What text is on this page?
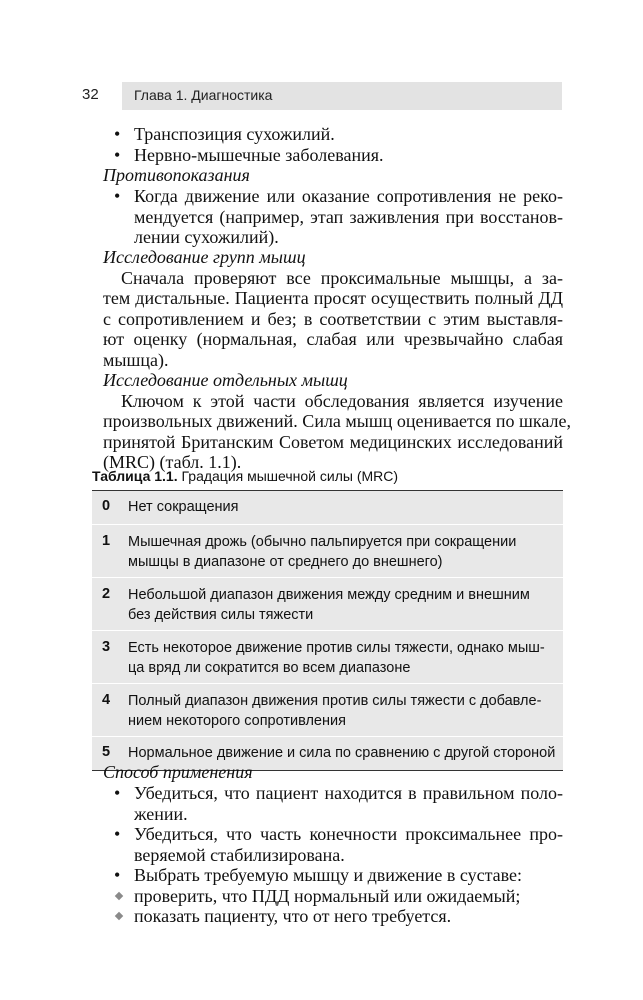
32	Глава 1. Диагностика
• Транспозиция сухожилий.
• Нервно-мышечные заболевания.
Противопоказания
• Когда движение или оказание сопротивления не реко-
мендуется (например, этап заживления при восстанов-
лении сухожилий).
Исследование групп мышц
Сначала проверяют все проксимальные мышцы, а за-
тем дистальные. Пациента просят осуществить полный ДД
с сопротивлением и без; в соответствии с этим выставля-
ют оценку (нормальная, слабая или чрезвычайно слабая
мышца).
Исследование отдельных мышц
Ключом к этой части обследования является изучение
произвольных движений. Сила мышц оценивается по шкале,
принятой Британским Советом медицинских исследований
(MRC) (табл. 1.1).
Таблица 1.1. Градация мышечной силы (MRC)
0	Нет сокращения
1	Мышечная дрожь (обычно пальпируется при сокращении
мышцы в диапазоне от среднего до внешнего)
2	Небольшой диапазон движения между средним и внешним
без действия силы тяжести
3	Есть некоторое движение против силы тяжести, однако мыш-
ца вряд ли сократится во всем диапазоне
4	Полный диапазон движения против силы тяжести с добавле-
нием некоторого сопротивления
5	Нормальное движение и сила по сравнению с другой стороной
Способ применения
• Убедиться, что пациент находится в правильном поло-
жении.
• Убедиться, что часть конечности проксимальнее про-
веряемой стабилизирована.
• Выбрать требуемую мышцу и движение в суставе:
проверить, что ПДД нормальный или ожидаемый;
показать пациенту, что от него требуется.
